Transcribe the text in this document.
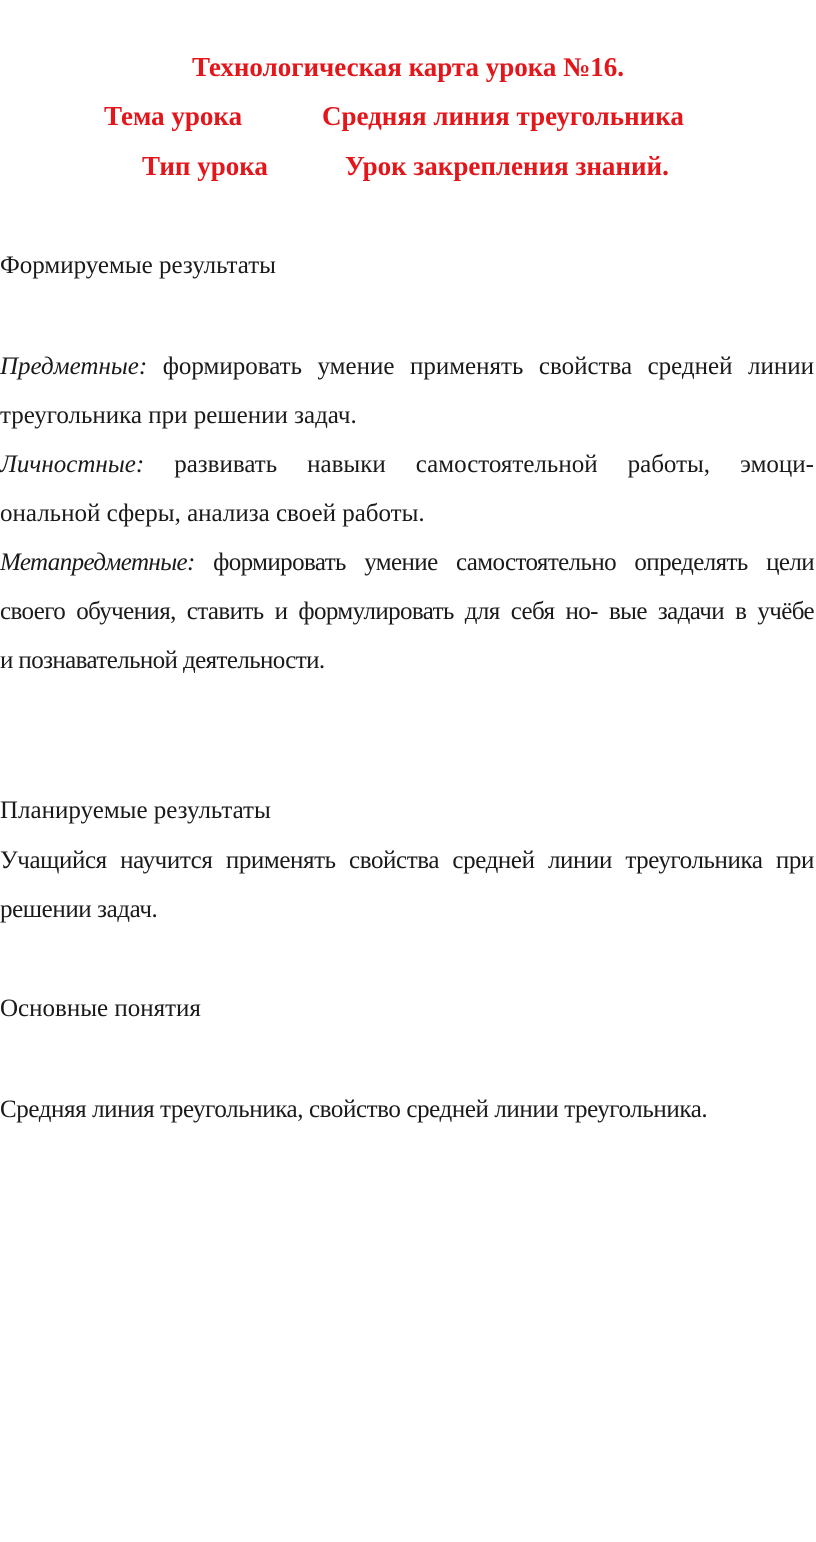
Технологическая карта урока №16.
Тема урока	Средняя линия треугольника
Тип урока	Урок закрепления знаний.
Формируемые результаты
Предметные: формировать умение применять свойства средней линии
треугольника при решении задач.
Личностные: развивать навыки самостоятельной работы, эмоци-
ональной сферы, анализа своей работы.
Метапредметные: формировать умение самостоятельно определять цели
своего обучения, ставить и формулировать для себя но- вые задачи в учёбе
и познавательной деятельности.
Планируемые результаты
Учащийся научится применять свойства средней линии треугольника при
решении задач.
Основные понятия
Средняя линия треугольника, свойство средней линии треугольника.
